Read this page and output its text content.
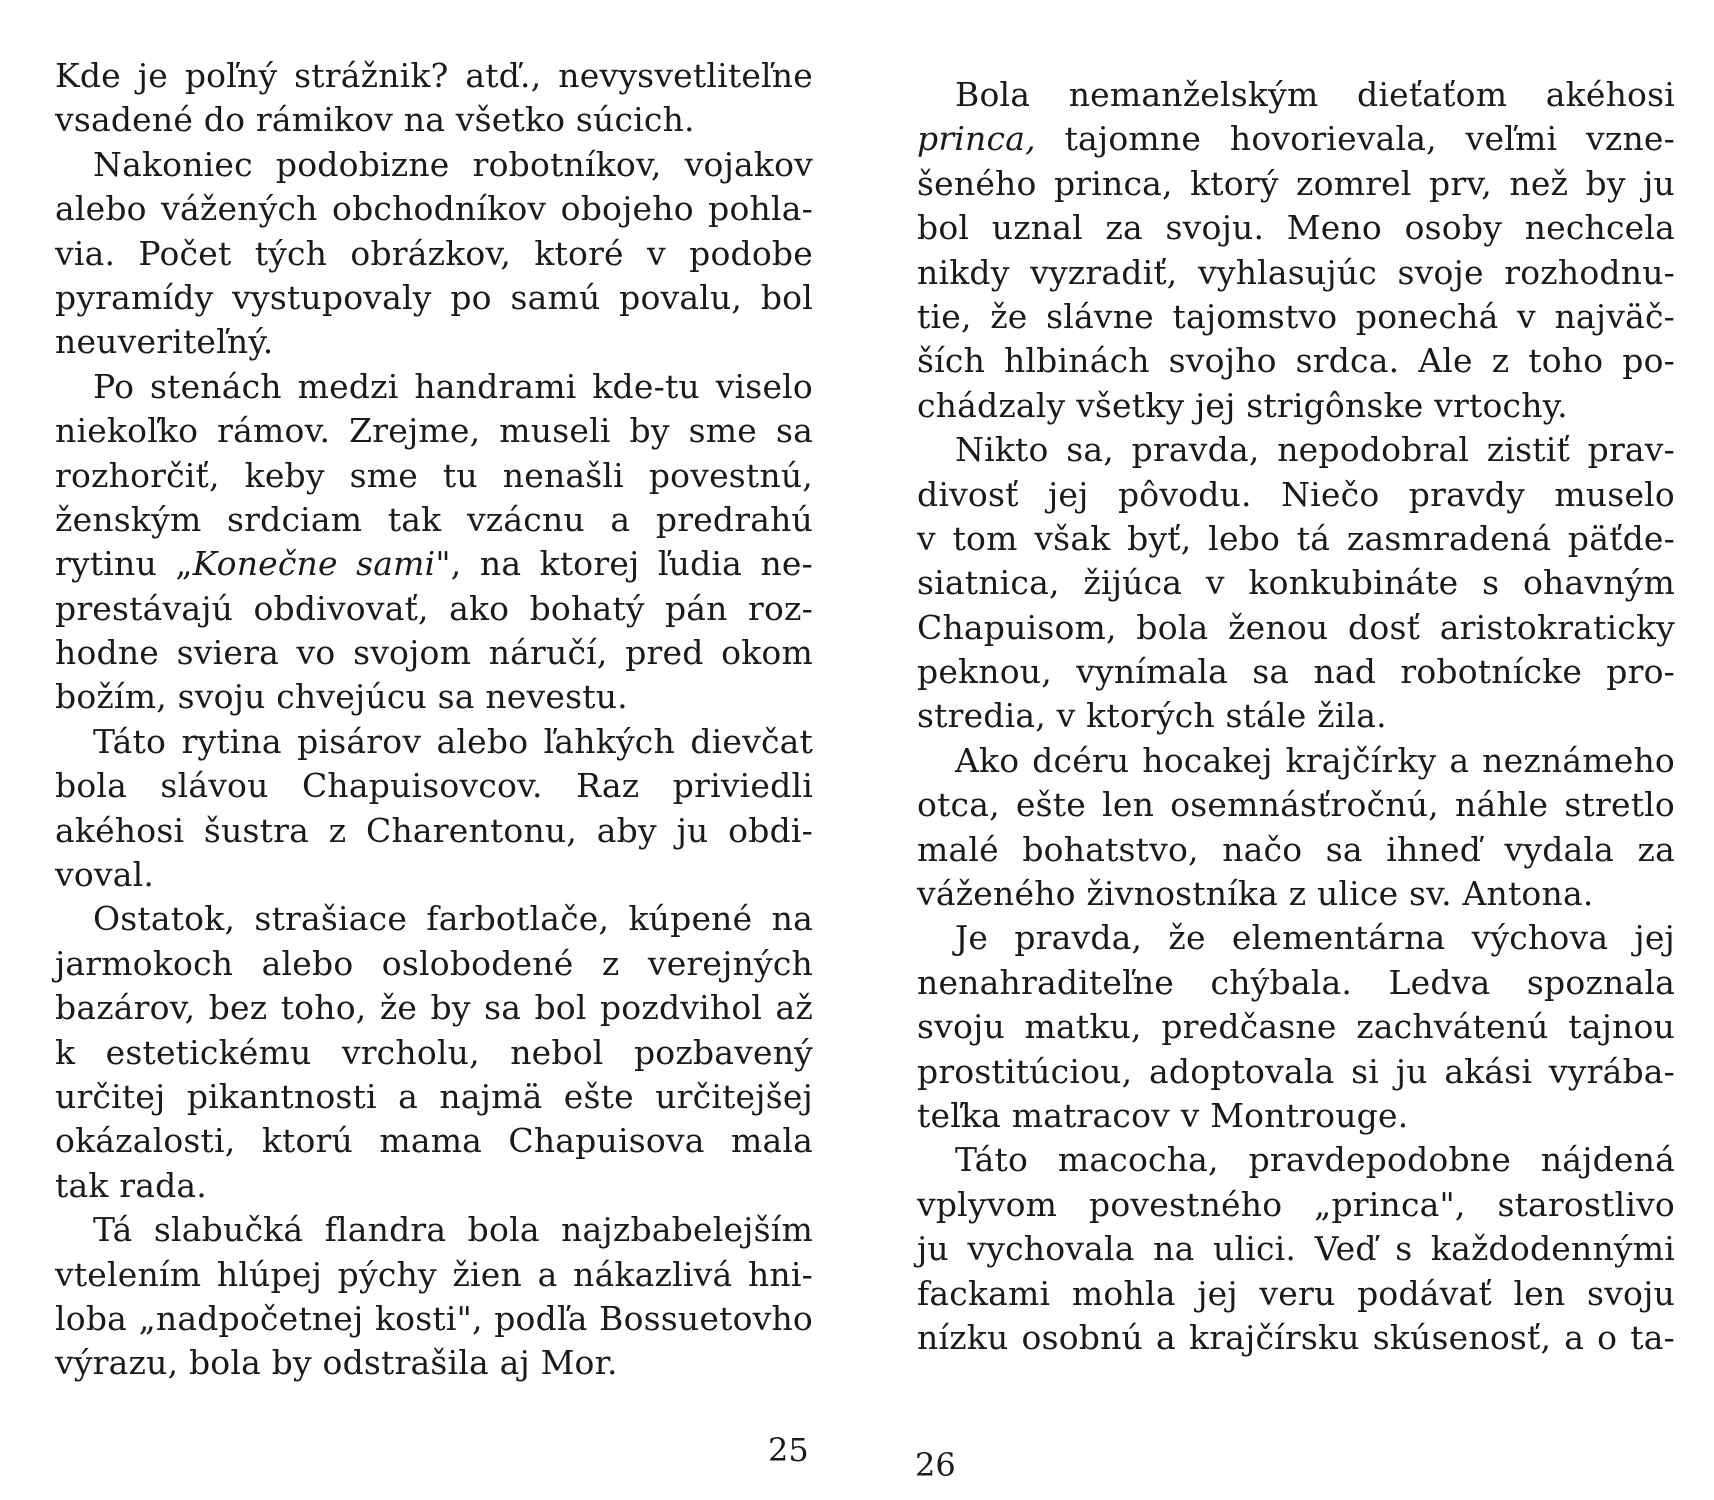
Kde je poľný strážnik? atď., nevysvetliteľne
vsadené do rámikov na všetko súcich.
Nakoniec podobizne robotníkov, vojakov
alebo vážených obchodníkov obojeho pohla-
via. Počet tých obrázkov, ktoré v podobe
pyramídy vystupovaly po samú povalu, bol
neuveriteľný.
Po stenách medzi handrami kde-tu viselo
niekoľko rámov. Zrejme, museli by sme sa
rozhorčiť, keby sme tu nenašli povestnú,
ženským srdciam tak vzácnu a predrahú
rytinu „Konečne sami", na ktorej ľudia ne-
prestávajú obdivovať, ako bohatý pán roz-
hodne sviera vo svojom náručí, pred okom
božím, svoju chvejúcu sa nevestu.
Táto rytina pisárov alebo ľahkých dievčat
bola slávou Chapuisovcov. Raz priviedli
akéhosi šustra z Charentonu, aby ju obdi-
voval.
Ostatok, strašiace farbotlače, kúpené na
jarmokoch alebo oslobodené z verejných
bazárov, bez toho, že by sa bol pozdvihol až
k estetickému vrcholu, nebol pozbavený
určitej pikantnosti a najmä ešte určitejšej
okázalosti, ktorú mama Chapuisova mala
tak rada.
Tá slabučká flandra bola najzbabelejším
vtelením hlúpej pýchy žien a nákazlivá hni-
loba „nadpočetnej kosti", podľa Bossuetovho
výrazu, bola by odstrašila aj Mor.
25
Bola nemanželským dieťaťom akéhosi
princa, tajomne hovorievala, veľmi vzne-
šeného princa, ktorý zomrel prv, než by ju
bol uznal za svoju. Meno osoby nechcela
nikdy vyzradiť, vyhlasujúc svoje rozhodnu-
tie, že slávne tajomstvo ponechá v najväč-
ších hlbinách svojho srdca. Ale z toho po-
chádzaly všetky jej strigônske vrtochy.
Nikto sa, pravda, nepodobral zistiť prav-
divosť jej pôvodu. Niečo pravdy muselo
v tom však byť, lebo tá zasmradená päťde-
siatnica, žijúca v konkubináte s ohavným
Chapuisom, bola ženou dosť aristokraticky
peknou, vynímala sa nad robotnícke pro-
stredia, v ktorých stále žila.
Ako dcéru hocakej krajčírky a neznámeho
otca, ešte len osemnásťročnú, náhle stretlo
malé bohatstvo, načo sa ihneď vydala za
váženého živnostníka z ulice sv. Antona.
Je pravda, že elementárna výchova jej
nenahraditeľne chýbala. Ledva spoznala
svoju matku, predčasne zachvátenú tajnou
prostitúciou, adoptovala si ju akási vyrába-
teľka matracov v Montrouge.
Táto macocha, pravdepodobne nájdená
vplyvom povestného „princa", starostlivo
ju vychovala na ulici. Veď s každodennými
fackami mohla jej veru podávať len svoju
nízku osobnú a krajčírsku skúsenosť, a o ta-
26
